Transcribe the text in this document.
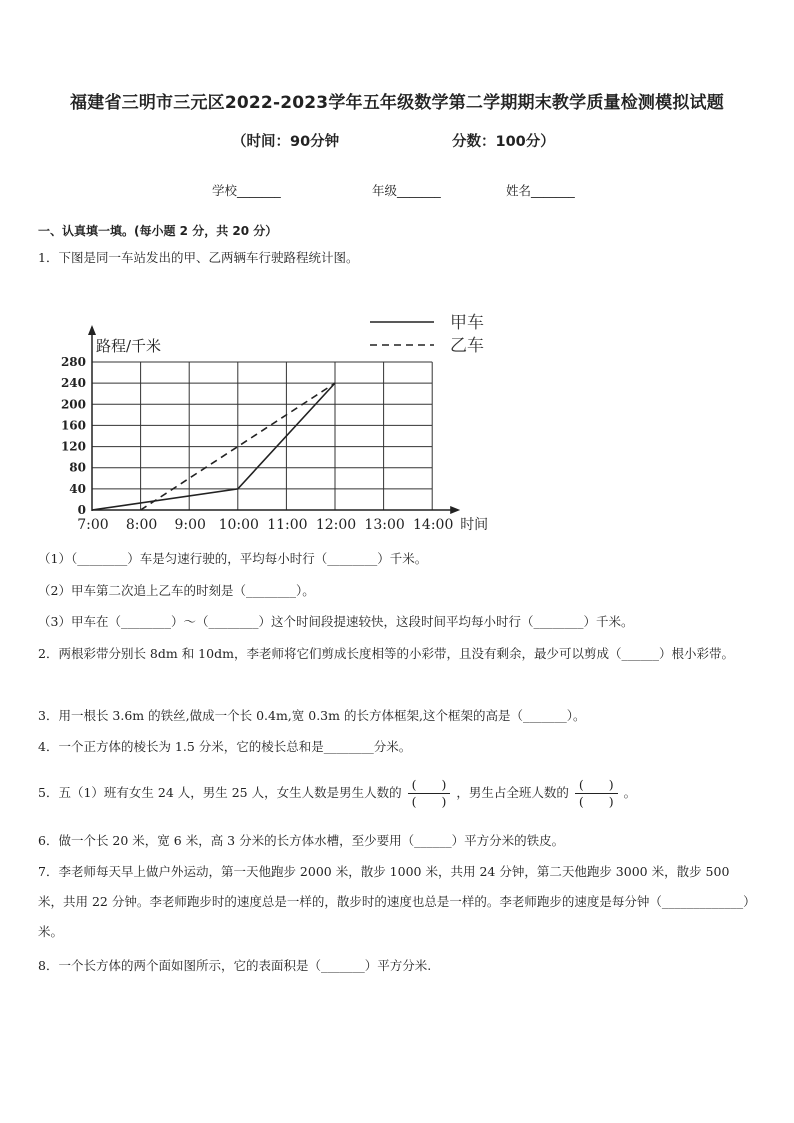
福建省三明市三元区2022-2023学年五年级数学第二学期期末教学质量检测模拟试题
（时间：90分钟	分数：100分）
学校_______	年级_______	姓名_______
一、认真填一填。(每小题 2 分，共 20 分）
1．下图是同一车站发出的甲、乙两辆车行驶路程统计图。
0
40
80
120
160
200
240
280
7:00 8:00 9:00 10:00 11:00 12:00 13:00 14:00
路程/千米
时间
甲车
乙车
（1）（________）车是匀速行驶的，平均每小时行（________）千米。
（2）甲车第二次追上乙车的时刻是（________）。
（3）甲车在（________）～（________）这个时间段提速较快，这段时间平均每小时行（________）千米。
2．两根彩带分别长 8dm 和 10dm，李老师将它们剪成长度相等的小彩带，且没有剩余，最少可以剪成（______）根小彩带。
3．用一根长 3.6m 的铁丝,做成一个长 0.4m,宽 0.3m 的长方体框架,这个框架的高是（_______）。
4．一个正方体的棱长为 1.5 分米，它的棱长总和是________分米。
5．五（1）班有女生 24 人，男生 25 人，女生人数是男生人数的 $\frac{( )}{( )}$ ，男生占全班人数的 $\frac{( )}{( )}$ 。
6．做一个长 20 米，宽 6 米，高 3 分米的长方体水槽，至少要用（______）平方分米的铁皮。
7．李老师每天早上做户外运动，第一天他跑步 2000 米，散步 1000 米，共用 24 分钟，第二天他跑步 3000 米，散步 500 米，共用 22 分钟。李老师跑步时的速度总是一样的，散步时的速度也总是一样的。李老师跑步的速度是每分钟（_____________）米。
8．一个长方体的两个面如图所示，它的表面积是（_______）平方分米.
